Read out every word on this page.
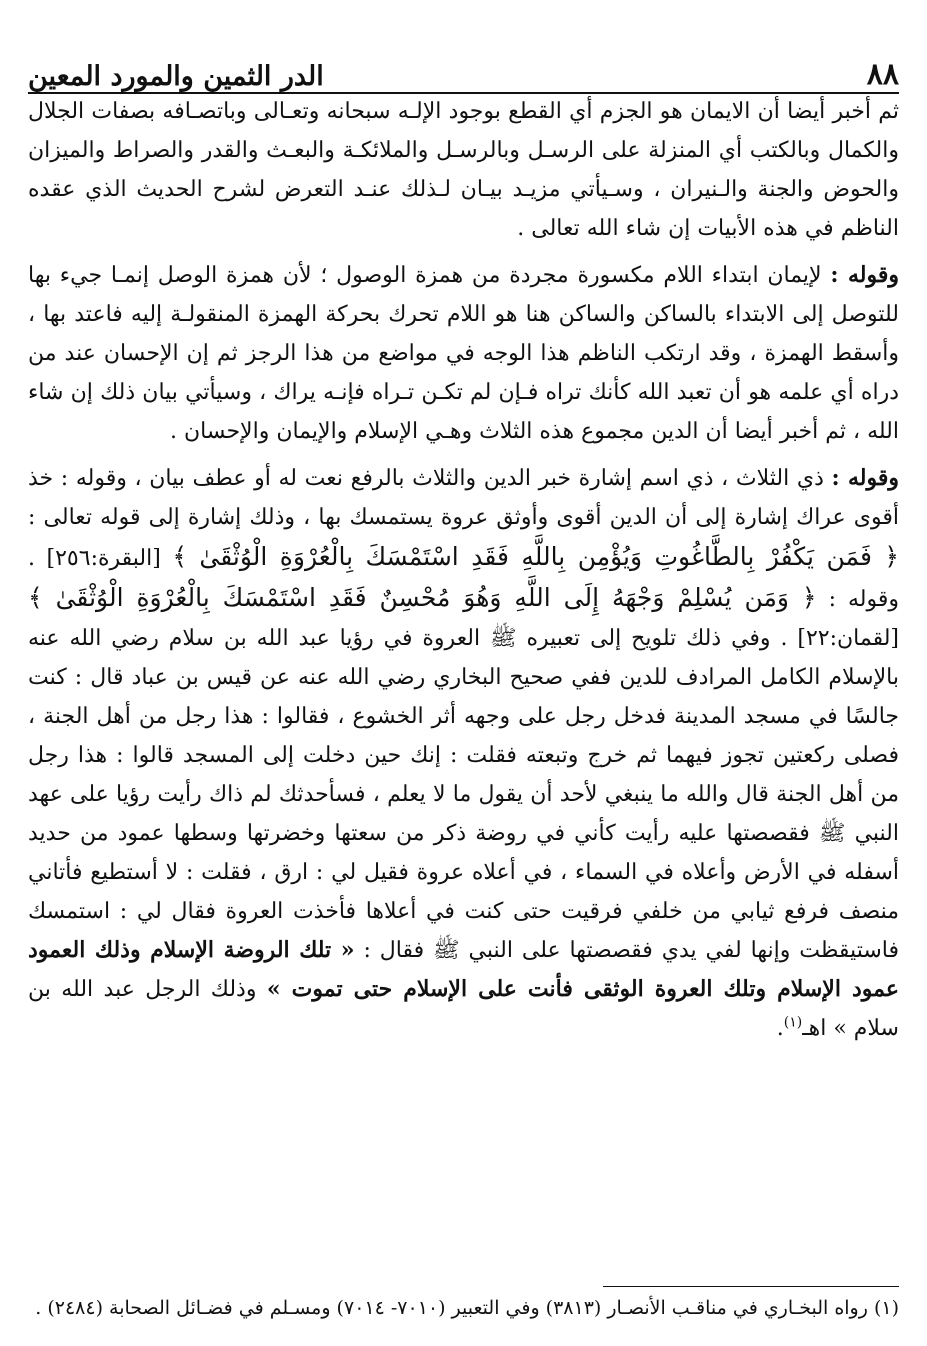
٨٨
الدر الثمين والمورد المعين

ثم أخبر أيضا أن الايمان هو الجزم أي القطع بوجود الإلـه سبحانه وتعـالى وباتصـافه بصفات الجلال والكمال وبالكتب أي المنزلة على الرسـل وبالرسـل والملائكـة والبعـث والقدر والصراط والميزان والحوض والجنة والـنيران ، وسـيأتي مزيـد بيـان لـذلك عنـد التعرض لشرح الحديث الذي عقده الناظم في هذه الأبيات إن شاء الله تعالى .

وقوله : لإيمان ابتداء اللام مكسورة مجردة من همزة الوصول ؛ لأن همزة الوصل إنمـا جيء بها للتوصل إلى الابتداء بالساكن والساكن هنا هو اللام تحرك بحركة الهمزة المنقولـة إليه فاعتد بها ، وأسقط الهمزة ، وقد ارتكب الناظم هذا الوجه في مواضع من هذا الرجز ثم إن الإحسان عند من دراه أي علمه هو أن تعبد الله كأنك تراه فـإن لم تكـن تـراه فإنـه يراك ، وسيأتي بيان ذلك إن شاء الله ، ثم أخبر أيضا أن الدين مجموع هذه الثلاث وهـي الإسلام والإيمان والإحسان .

وقوله : ذي الثلاث ، ذي اسم إشارة خبر الدين والثلاث بالرفع نعت له أو عطف بيان ، وقوله : خذ أقوى عراك إشارة إلى أن الدين أقوى وأوثق عروة يستمسك بها ، وذلك إشارة إلى قوله تعالى : ﴿ فَمَن يَكْفُرْ بِالطَّاغُوتِ وَيُؤْمِن بِاللَّهِ فَقَدِ اسْتَمْسَكَ بِالْعُرْوَةِ الْوُثْقَىٰ ﴾ [البقرة:٢٥٦] . وقوله : ﴿ وَمَن يُسْلِمْ وَجْهَهُ إِلَى اللَّهِ وَهُوَ مُحْسِنٌ فَقَدِ اسْتَمْسَكَ بِالْعُرْوَةِ الْوُثْقَىٰ ﴾ [لقمان:٢٢] . وفي ذلك تلويح إلى تعبيره ﷺ العروة في رؤيا عبد الله بن سلام رضي الله عنه بالإسلام الكامل المرادف للدين ففي صحيح البخاري رضي الله عنه عن قيس بن عباد قال : كنت جالسًا في مسجد المدينة فدخل رجل على وجهه أثر الخشوع ، فقالوا : هذا رجل من أهل الجنة ، فصلى ركعتين تجوز فيهما ثم خرج وتبعته فقلت : إنك حين دخلت إلى المسجد قالوا : هذا رجل من أهل الجنة قال والله ما ينبغي لأحد أن يقول ما لا يعلم ، فسأحدثك لم ذاك رأيت رؤيا على عهد النبي ﷺ فقصصتها عليه رأيت كأني في روضة ذكر من سعتها وخضرتها وسطها عمود من حديد أسفله في الأرض وأعلاه في السماء ، في أعلاه عروة فقيل لي : ارق ، فقلت : لا أستطيع فأتاني منصف فرفع ثيابي من خلفي فرقيت حتى كنت في أعلاها فأخذت العروة فقال لي : استمسك فاستيقظت وإنها لفي يدي فقصصتها على النبي ﷺ فقال : « تلك الروضة الإسلام وذلك العمود عمود الإسلام وتلك العروة الوثقى فأنت على الإسلام حتى تموت » وذلك الرجل عبد الله بن سلام » اهـ$^{(١)}$.

(١) رواه البخـاري في مناقـب الأنصـار (٣٨١٣) وفي التعبير (٧٠١٠- ٧٠١٤) ومسـلم في فضـائل الصحابة (٢٤٨٤) .
